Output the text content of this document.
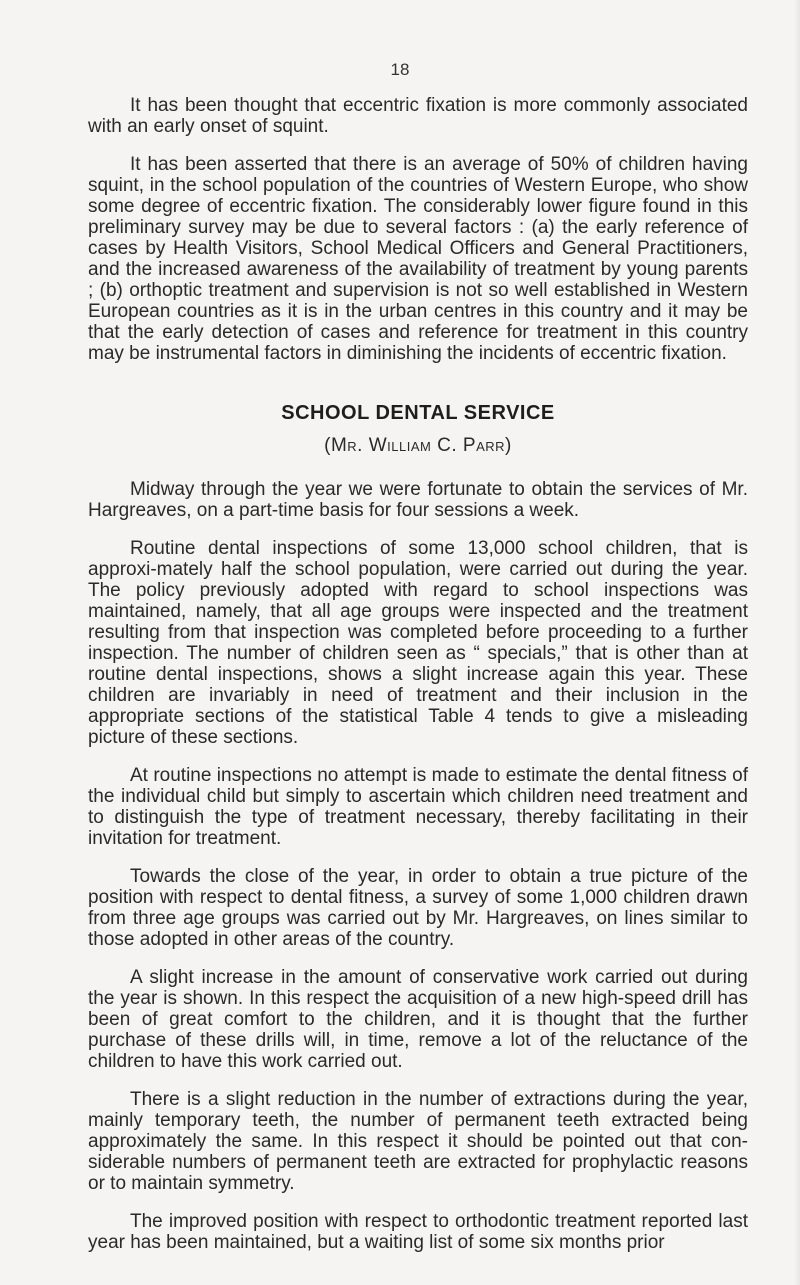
18

It has been thought that eccentric fixation is more commonly associated with an early onset of squint.

It has been asserted that there is an average of 50% of children having squint, in the school population of the countries of Western Europe, who show some degree of eccentric fixation. The considerably lower figure found in this preliminary survey may be due to several factors : (a) the early reference of cases by Health Visitors, School Medical Officers and General Practitioners, and the increased awareness of the availability of treatment by young parents ; (b) orthoptic treatment and supervision is not so well established in Western European countries as it is in the urban centres in this country and it may be that the early detection of cases and reference for treatment in this country may be instrumental factors in diminishing the incidents of eccentric fixation.

SCHOOL DENTAL SERVICE
(Mr. William C. Parr)

Midway through the year we were fortunate to obtain the services of Mr. Hargreaves, on a part-time basis for four sessions a week.

Routine dental inspections of some 13,000 school children, that is approxi-mately half the school population, were carried out during the year. The policy previously adopted with regard to school inspections was maintained, namely, that all age groups were inspected and the treatment resulting from that inspection was completed before proceeding to a further inspection. The number of children seen as “ specials,” that is other than at routine dental inspections, shows a slight increase again this year. These children are invariably in need of treatment and their inclusion in the appropriate sections of the statistical Table 4 tends to give a misleading picture of these sections.

At routine inspections no attempt is made to estimate the dental fitness of the individual child but simply to ascertain which children need treatment and to distinguish the type of treatment necessary, thereby facilitating in their invitation for treatment.

Towards the close of the year, in order to obtain a true picture of the position with respect to dental fitness, a survey of some 1,000 children drawn from three age groups was carried out by Mr. Hargreaves, on lines similar to those adopted in other areas of the country.

A slight increase in the amount of conservative work carried out during the year is shown. In this respect the acquisition of a new high-speed drill has been of great comfort to the children, and it is thought that the further purchase of these drills will, in time, remove a lot of the reluctance of the children to have this work carried out.

There is a slight reduction in the number of extractions during the year, mainly temporary teeth, the number of permanent teeth extracted being approximately the same. In this respect it should be pointed out that con-siderable numbers of permanent teeth are extracted for prophylactic reasons or to maintain symmetry.

The improved position with respect to orthodontic treatment reported last year has been maintained, but a waiting list of some six months prior
